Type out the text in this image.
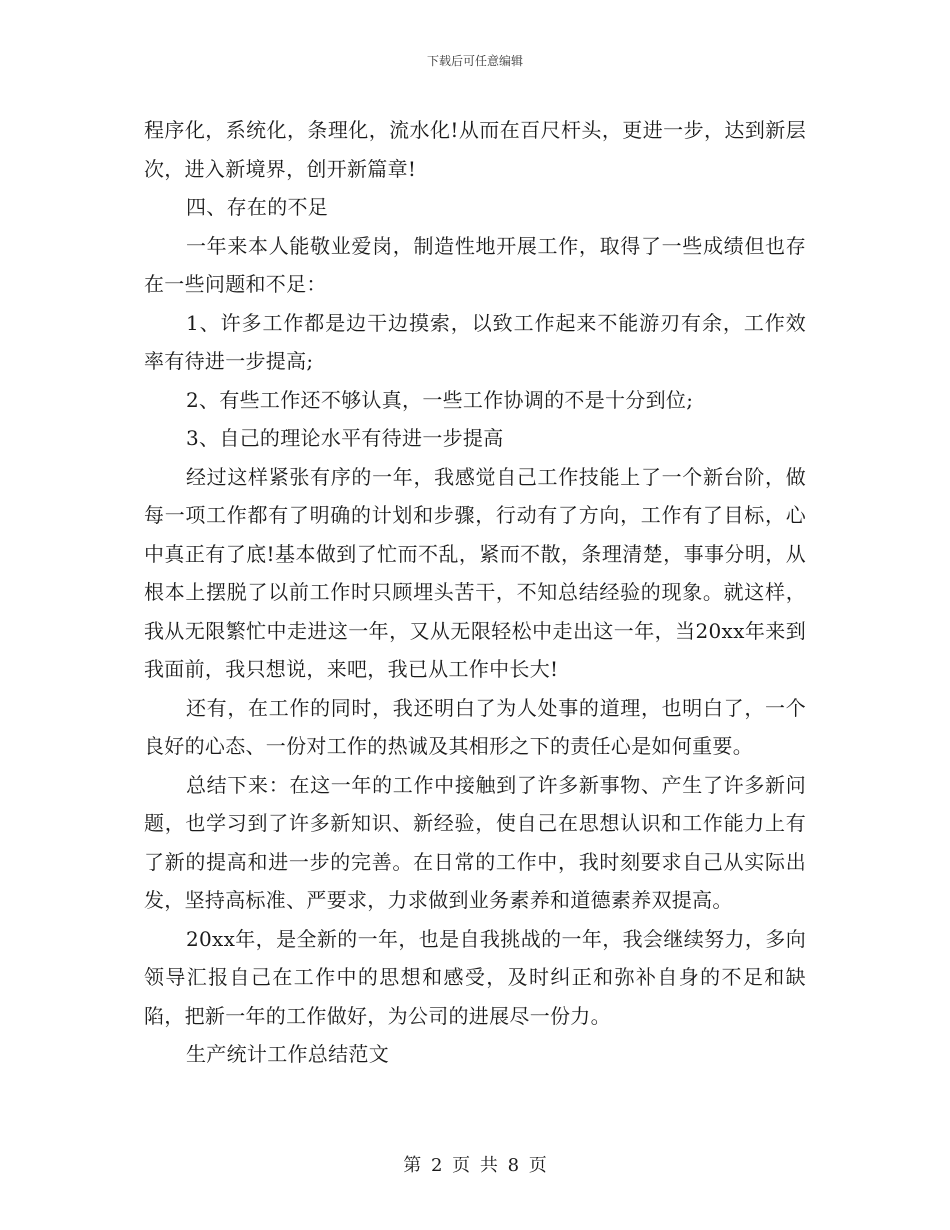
下载后可任意编辑

程序化，系统化，条理化，流水化!从而在百尺杆头，更进一步，达到新层次，进入新境界，创开新篇章!

四、存在的不足

一年来本人能敬业爱岗，制造性地开展工作，取得了一些成绩但也存在一些问题和不足：

1、许多工作都是边干边摸索，以致工作起来不能游刃有余，工作效率有待进一步提高;

2、有些工作还不够认真，一些工作协调的不是十分到位;

3、自己的理论水平有待进一步提高

经过这样紧张有序的一年，我感觉自己工作技能上了一个新台阶，做每一项工作都有了明确的计划和步骤，行动有了方向，工作有了目标，心中真正有了底!基本做到了忙而不乱，紧而不散，条理清楚，事事分明，从根本上摆脱了以前工作时只顾埋头苦干，不知总结经验的现象。就这样，我从无限繁忙中走进这一年，又从无限轻松中走出这一年，当20xx年来到我面前，我只想说，来吧，我已从工作中长大!

还有，在工作的同时，我还明白了为人处事的道理，也明白了，一个良好的心态、一份对工作的热诚及其相形之下的责任心是如何重要。

总结下来：在这一年的工作中接触到了许多新事物、产生了许多新问题，也学习到了许多新知识、新经验，使自己在思想认识和工作能力上有了新的提高和进一步的完善。在日常的工作中，我时刻要求自己从实际出发，坚持高标准、严要求，力求做到业务素养和道德素养双提高。

20xx年，是全新的一年，也是自我挑战的一年，我会继续努力，多向领导汇报自己在工作中的思想和感受，及时纠正和弥补自身的不足和缺陷，把新一年的工作做好，为公司的进展尽一份力。

生产统计工作总结范文

第 2 页 共 8 页
